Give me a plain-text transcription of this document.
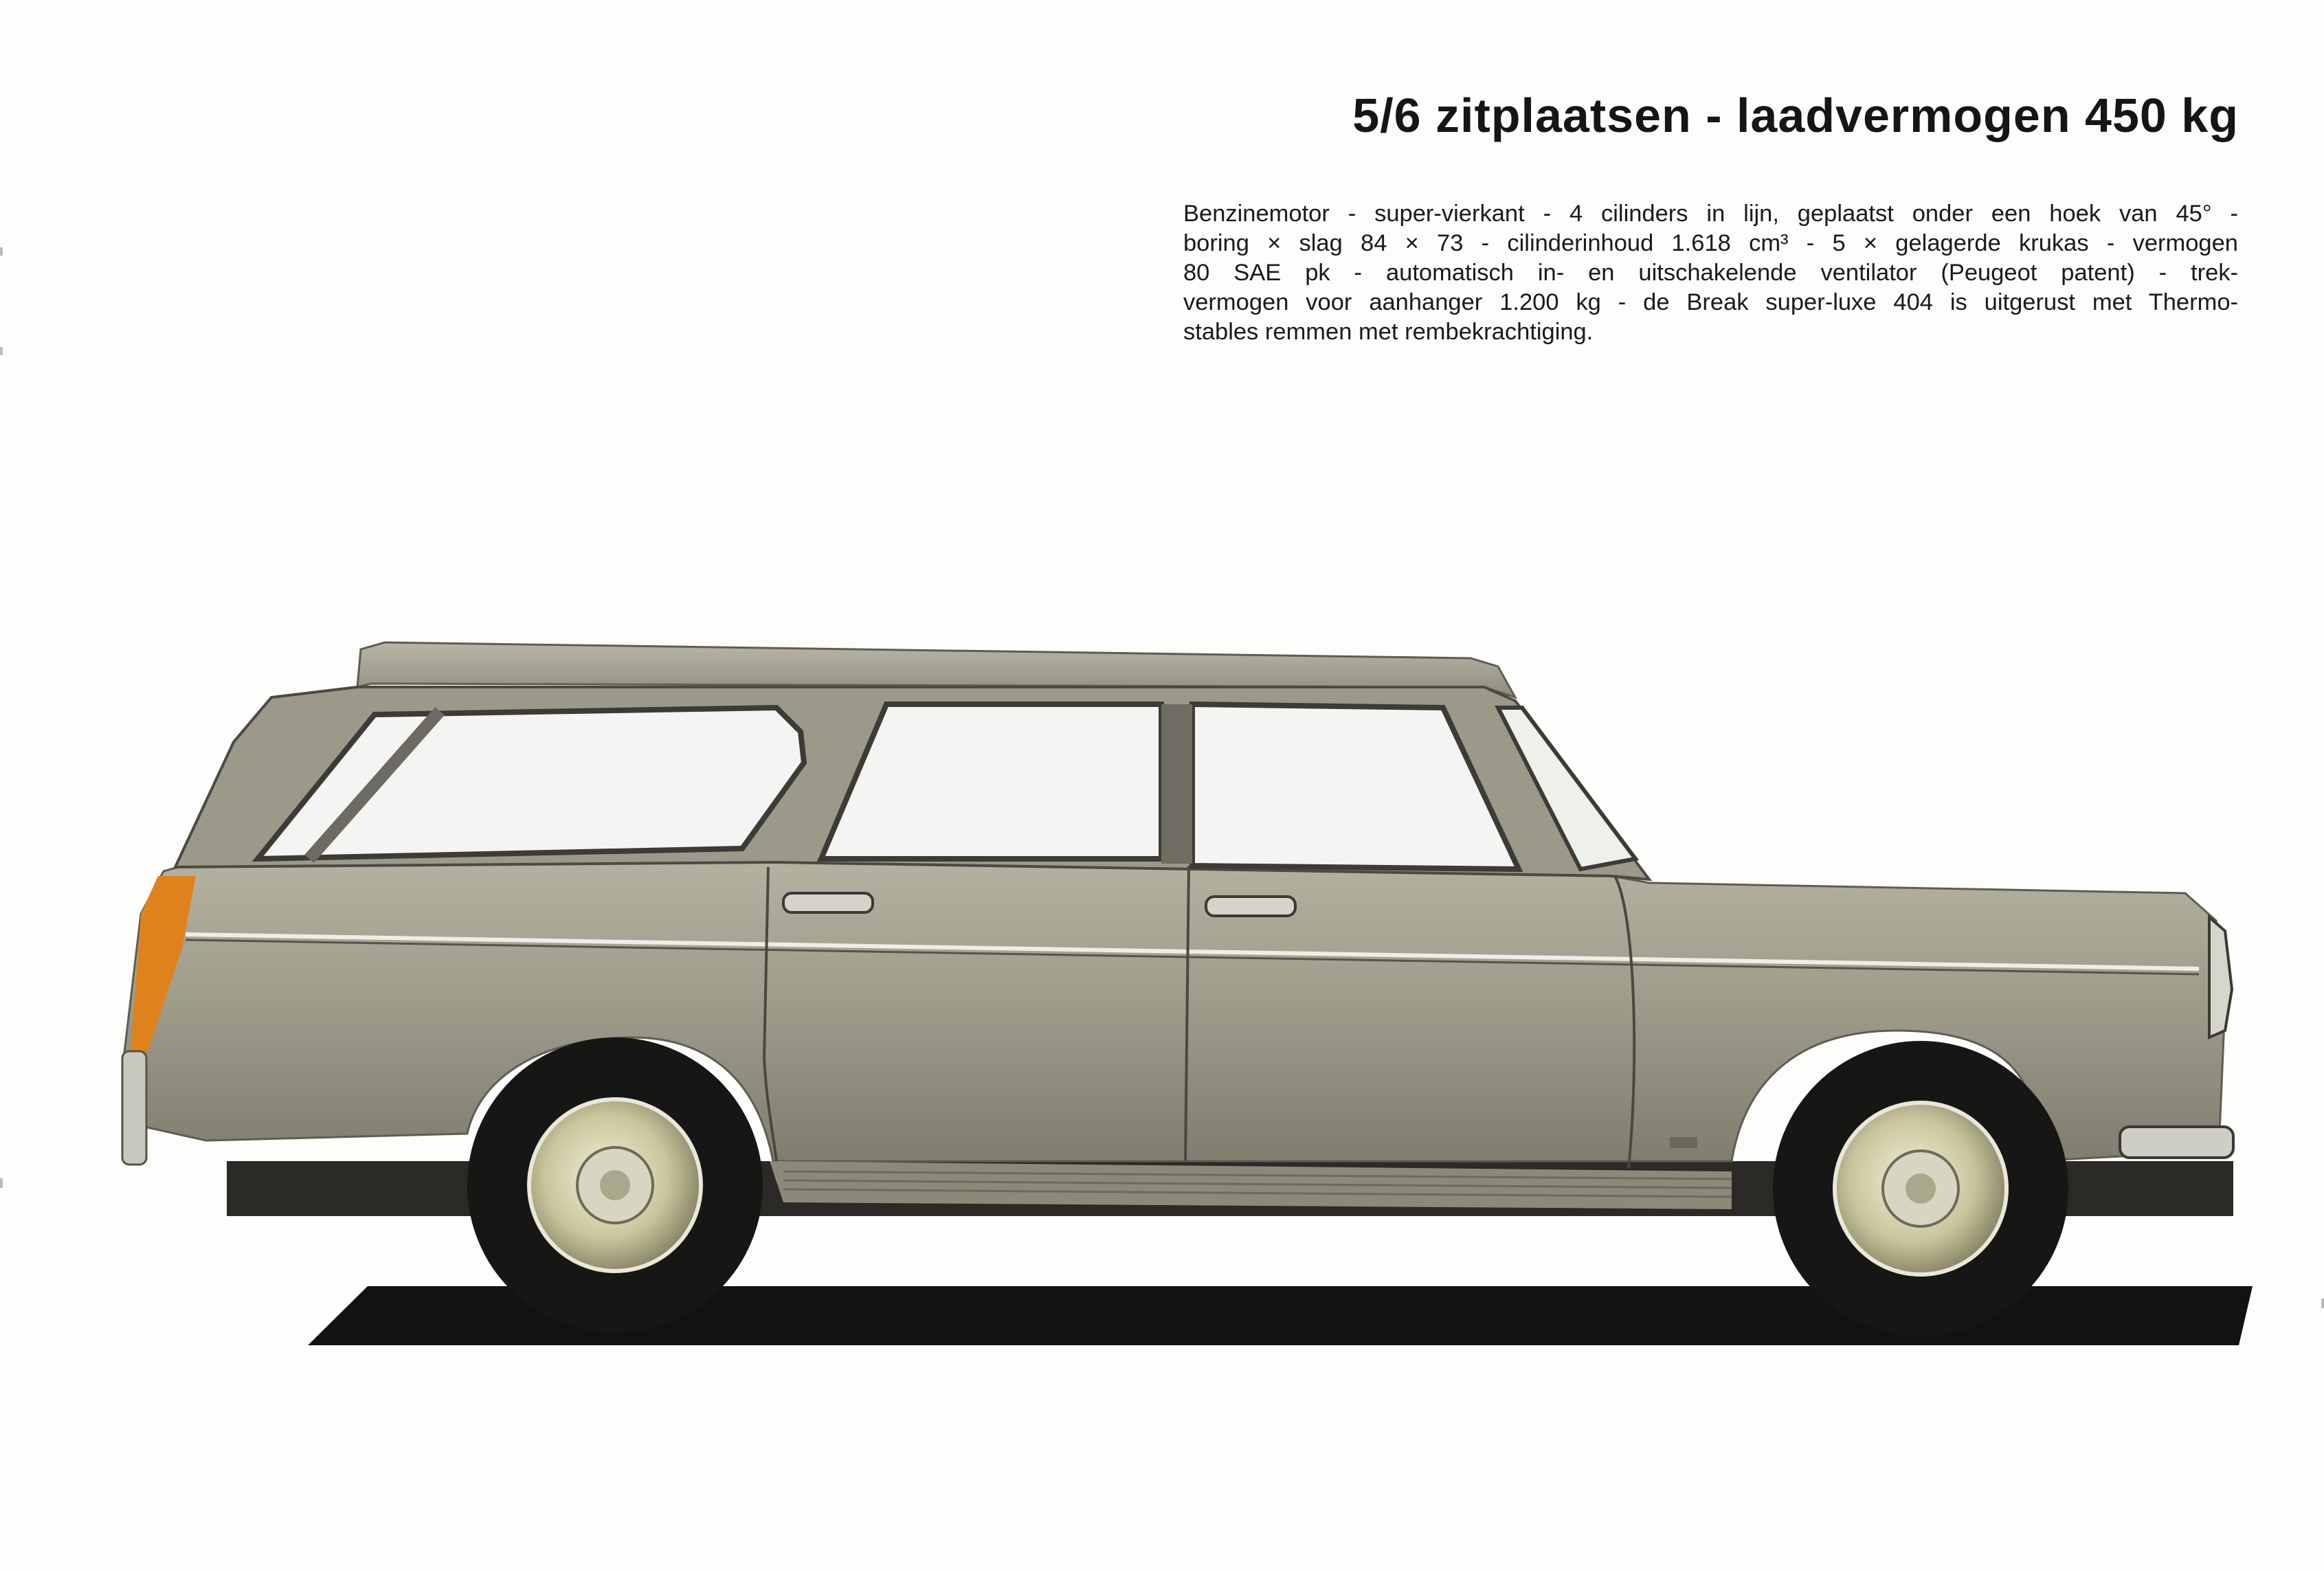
5/6 zitplaatsen - laadvermogen 450 kg

Benzinemotor - super-vierkant - 4 cilinders in lijn, geplaatst onder een hoek van 45° -
boring × slag 84 × 73 - cilinderinhoud 1.618 cm³ - 5 × gelagerde krukas - vermogen
80 SAE pk - automatisch in- en uitschakelende ventilator (Peugeot patent) - trek-
vermogen voor aanhanger 1.200 kg - de Break super-luxe 404 is uitgerust met Thermo-
stables remmen met rembekrachtiging.
